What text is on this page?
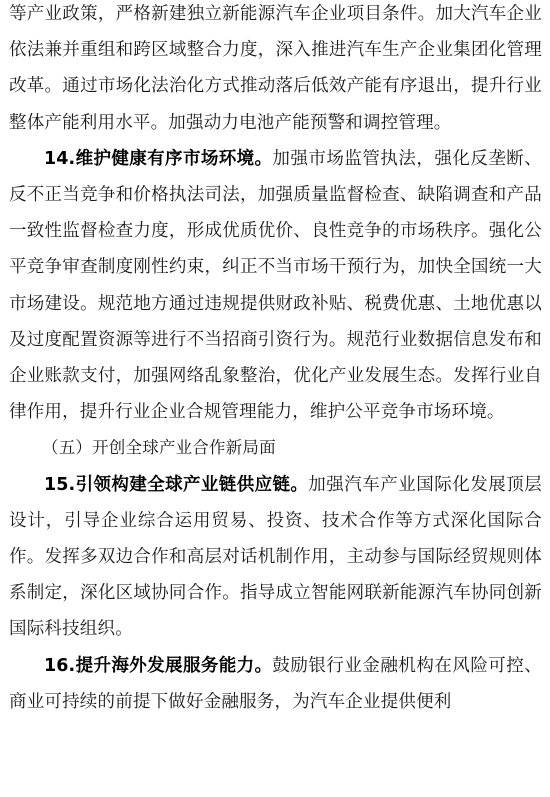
等产业政策，严格新建独立新能源汽车企业项目条件。加大汽车企业依法兼并重组和跨区域整合力度，深入推进汽车生产企业集团化管理改革。通过市场化法治化方式推动落后低效产能有序退出，提升行业整体产能利用水平。加强动力电池产能预警和调控管理。

14.维护健康有序市场环境。加强市场监管执法，强化反垄断、反不正当竞争和价格执法司法，加强质量监督检查、缺陷调查和产品一致性监督检查力度，形成优质优价、良性竞争的市场秩序。强化公平竞争审查制度刚性约束，纠正不当市场干预行为，加快全国统一大市场建设。规范地方通过违规提供财政补贴、税费优惠、土地优惠以及过度配置资源等进行不当招商引资行为。规范行业数据信息发布和企业账款支付，加强网络乱象整治，优化产业发展生态。发挥行业自律作用，提升行业企业合规管理能力，维护公平竞争市场环境。

（五）开创全球产业合作新局面

15.引领构建全球产业链供应链。加强汽车产业国际化发展顶层设计，引导企业综合运用贸易、投资、技术合作等方式深化国际合作。发挥多双边合作和高层对话机制作用，主动参与国际经贸规则体系制定，深化区域协同合作。指导成立智能网联新能源汽车协同创新国际科技组织。

16.提升海外发展服务能力。鼓励银行业金融机构在风险可控、商业可持续的前提下做好金融服务，为汽车企业提供便利
